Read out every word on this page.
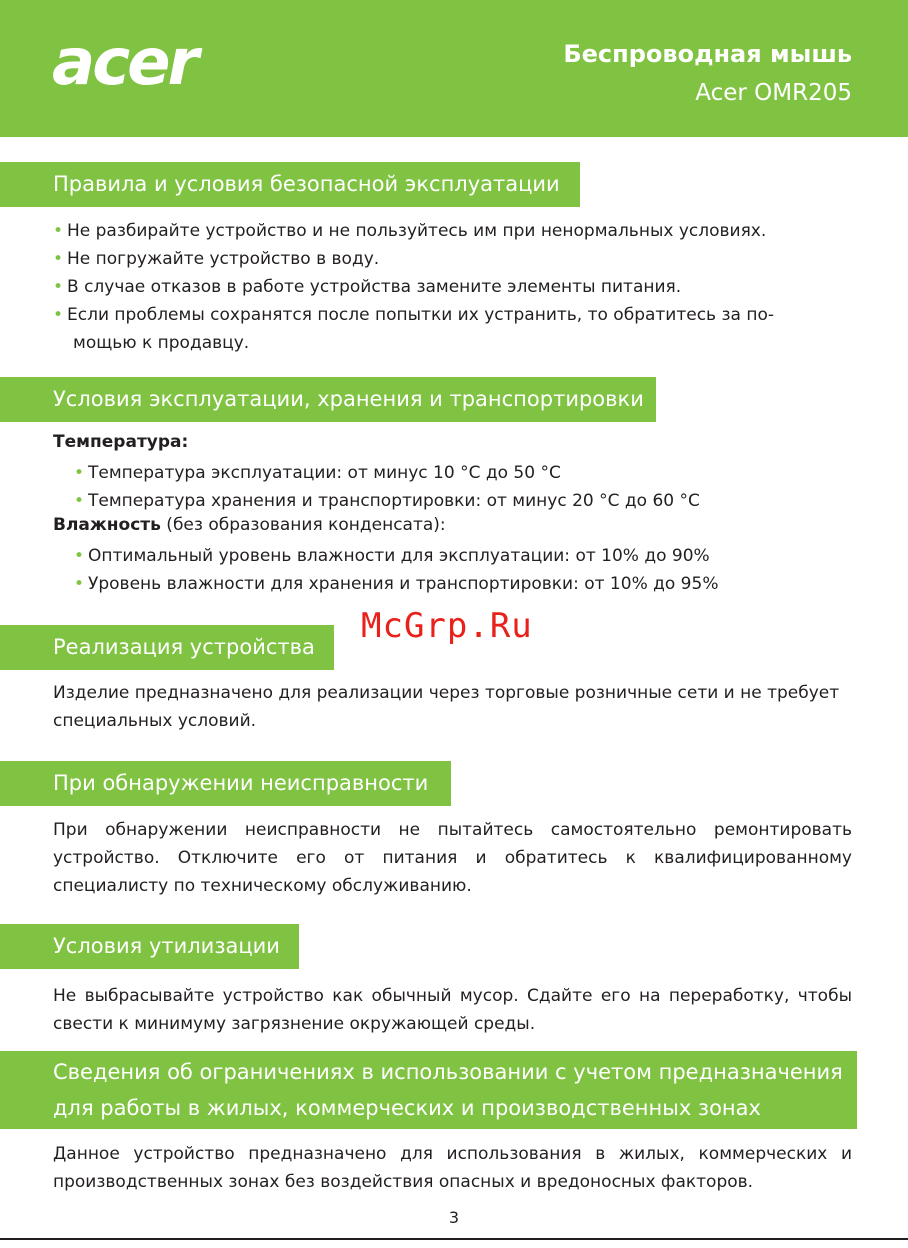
acer	Беспроводная мышь
Acer OMR205
Правила и условия безопасной эксплуатации
• Не разбирайте устройство и не пользуйтесь им при ненормальных условиях.
• Не погружайте устройство в воду.
• В случае отказов в работе устройства замените элементы питания.
• Если проблемы сохранятся после попытки их устранить, то обратитесь за по-
мощью к продавцу.
Условия эксплуатации, хранения и транспортировки
Температура:
• Температура эксплуатации: от минус 10 °C до 50 °C
• Температура хранения и транспортировки: от минус 20 °C до 60 °C
Влажность (без образования конденсата):
• Оптимальный уровень влажности для эксплуатации: от 10% до 90%
• Уровень влажности для хранения и транспортировки: от 10% до 95%
McGrp.Ru
Реализация устройства

Изделие предназначено для реализации через торговые розничные сети и не требует специальных условий.

При обнаружении неисправности

При обнаружении неисправности не пытайтесь самостоятельно ремонтировать устройство. Отключите его от питания и обратитесь к квалифицированному специалисту по техническому обслуживанию.

Условия утилизации

Не выбрасывайте устройство как обычный мусор. Сдайте его на переработку, чтобы свести к минимуму загрязнение окружающей среды.

Сведения об ограничениях в использовании с учетом предназначения
для работы в жилых, коммерческих и производственных зонах

Данное устройство предназначено для использования в жилых, коммерческих и производственных зонах без воздействия опасных и вредоносных факторов.

3
